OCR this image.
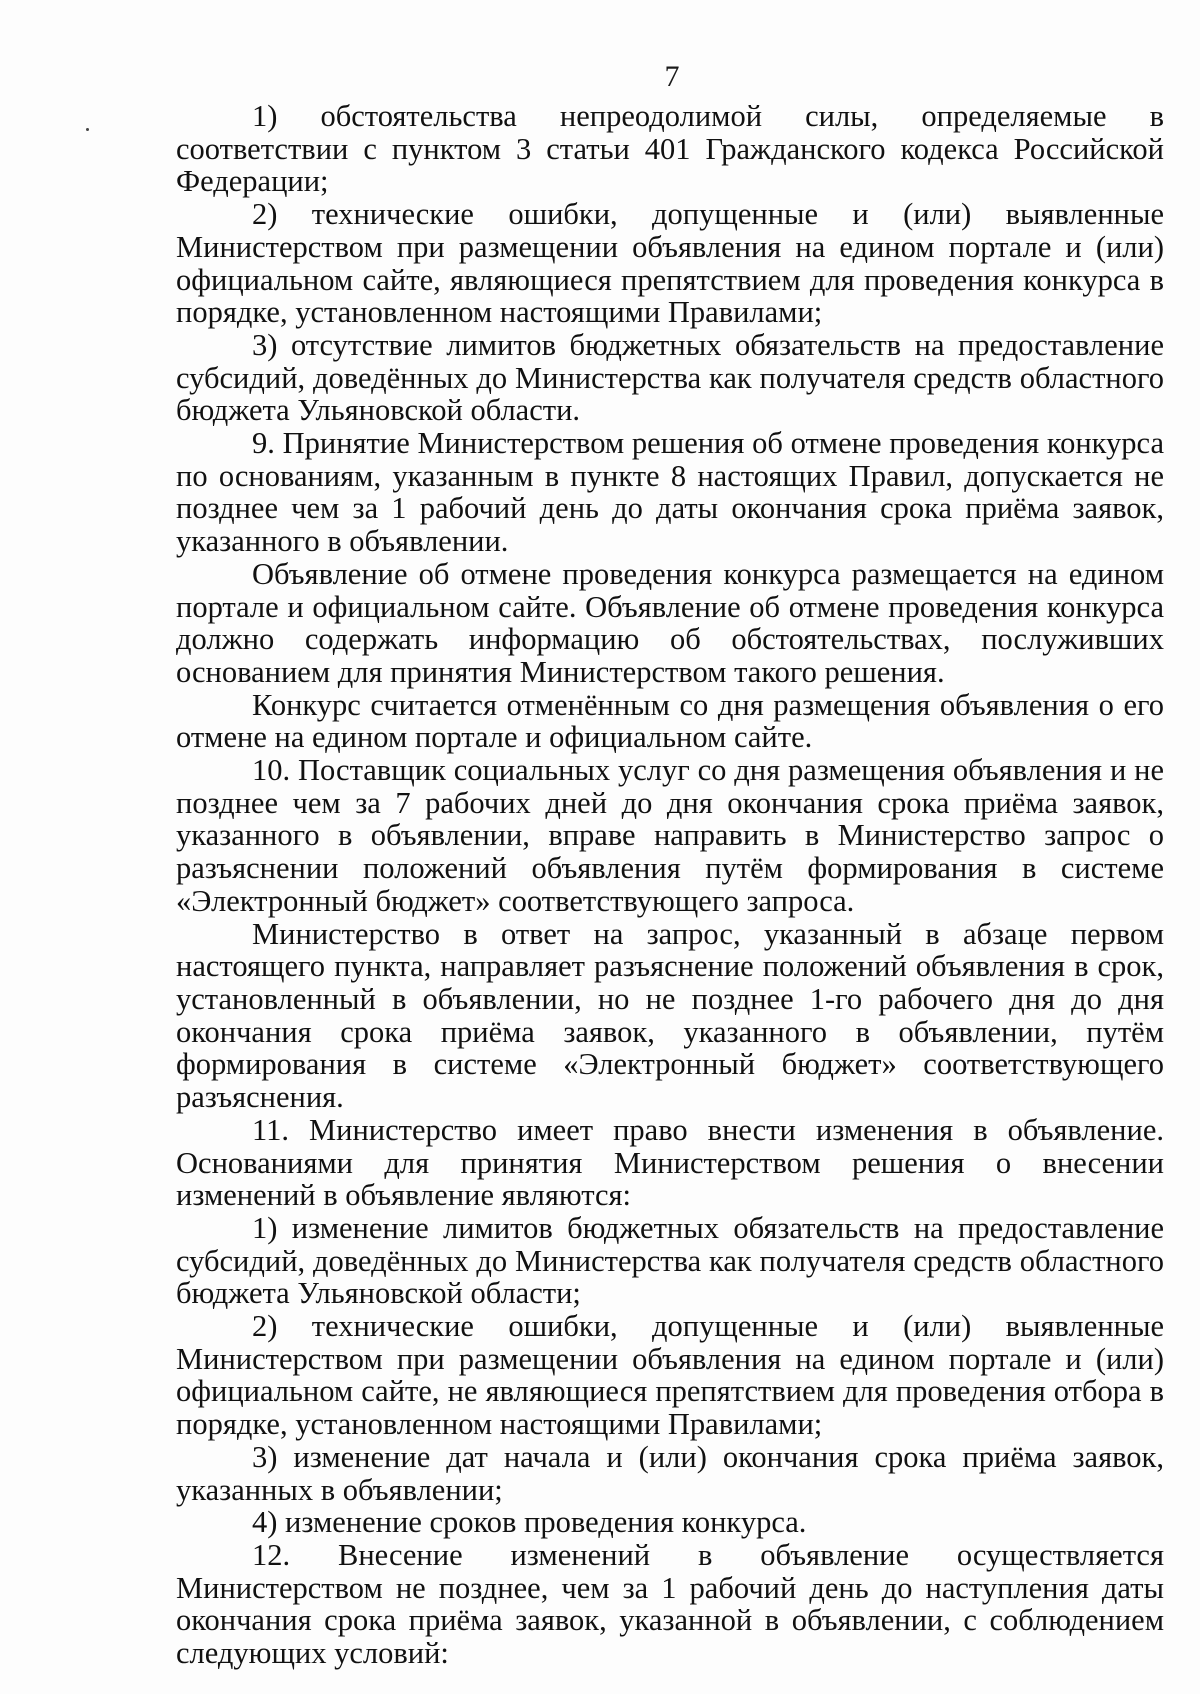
7

1) обстоятельства непреодолимой силы, определяемые в соответствии с пунктом 3 статьи 401 Гражданского кодекса Российской Федерации;

2) технические ошибки, допущенные и (или) выявленные Министерством при размещении объявления на едином портале и (или) официальном сайте, являющиеся препятствием для проведения конкурса в порядке, установленном настоящими Правилами;

3) отсутствие лимитов бюджетных обязательств на предоставление субсидий, доведённых до Министерства как получателя средств областного бюджета Ульяновской области.

9. Принятие Министерством решения об отмене проведения конкурса по основаниям, указанным в пункте 8 настоящих Правил, допускается не позднее чем за 1 рабочий день до даты окончания срока приёма заявок, указанного в объявлении.

Объявление об отмене проведения конкурса размещается на едином портале и официальном сайте. Объявление об отмене проведения конкурса должно содержать информацию об обстоятельствах, послуживших основанием для принятия Министерством такого решения.

Конкурс считается отменённым со дня размещения объявления о его отмене на едином портале и официальном сайте.

10. Поставщик социальных услуг со дня размещения объявления и не позднее чем за 7 рабочих дней до дня окончания срока приёма заявок, указанного в объявлении, вправе направить в Министерство запрос о разъяснении положений объявления путём формирования в системе «Электронный бюджет» соответствующего запроса.

Министерство в ответ на запрос, указанный в абзаце первом настоящего пункта, направляет разъяснение положений объявления в срок, установленный в объявлении, но не позднее 1-го рабочего дня до дня окончания срока приёма заявок, указанного в объявлении, путём формирования в системе «Электронный бюджет» соответствующего разъяснения.

11. Министерство имеет право внести изменения в объявление. Основаниями для принятия Министерством решения о внесении изменений в объявление являются:

1) изменение лимитов бюджетных обязательств на предоставление субсидий, доведённых до Министерства как получателя средств областного бюджета Ульяновской области;

2) технические ошибки, допущенные и (или) выявленные Министерством при размещении объявления на едином портале и (или) официальном сайте, не являющиеся препятствием для проведения отбора в порядке, установленном настоящими Правилами;

3) изменение дат начала и (или) окончания срока приёма заявок, указанных в объявлении;

4) изменение сроков проведения конкурса.

12. Внесение изменений в объявление осуществляется Министерством не позднее, чем за 1 рабочий день до наступления даты окончания срока приёма заявок, указанной в объявлении, с соблюдением следующих условий:
